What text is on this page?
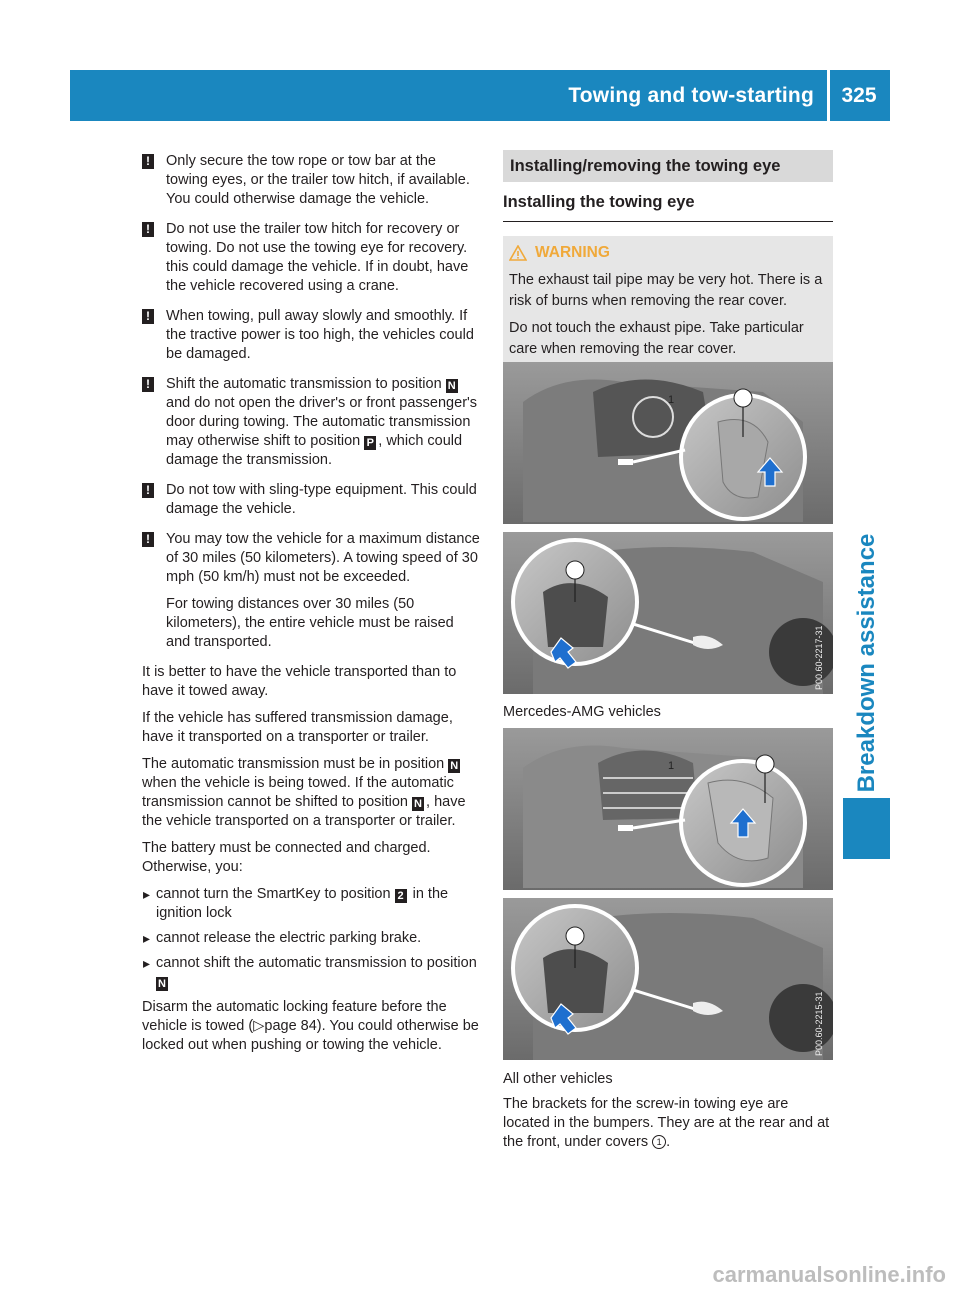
Towing and tow-starting	325
Breakdown assistance

! Only secure the tow rope or tow bar at the towing eyes, or the trailer tow hitch, if available. You could otherwise damage the vehicle.

! Do not use the trailer tow hitch for recovery or towing. Do not use the towing eye for recovery. this could damage the vehicle. If in doubt, have the vehicle recovered using a crane.

! When towing, pull away slowly and smoothly. If the tractive power is too high, the vehicles could be damaged.

! Shift the automatic transmission to position N and do not open the driver's or front passenger's door during towing. The automatic transmission may otherwise shift to position P , which could damage the transmission.

! Do not tow with sling-type equipment. This could damage the vehicle.

! You may tow the vehicle for a maximum distance of 30 miles (50 kilometers). A towing speed of 30 mph (50 km/h) must not be exceeded.
For towing distances over 30 miles (50 kilometers), the entire vehicle must be raised and transported.

It is better to have the vehicle transported than to have it towed away.

If the vehicle has suffered transmission damage, have it transported on a transporter or trailer.

The automatic transmission must be in position N when the vehicle is being towed. If the automatic transmission cannot be shifted to position N , have the vehicle transported on a transporter or trailer.

The battery must be connected and charged. Otherwise, you:

▸ cannot turn the SmartKey to position 2 in the ignition lock
▸ cannot release the electric parking brake.
▸ cannot shift the automatic transmission to position N

Disarm the automatic locking feature before the vehicle is towed (▷page 84). You could otherwise be locked out when pushing or towing the vehicle.

Installing/removing the towing eye
Installing the towing eye
WARNING

The exhaust tail pipe may be very hot. There is a risk of burns when removing the rear cover.

Do not touch the exhaust pipe. Take particular care when removing the rear cover.

1
Mercedes-AMG vehicles
P00.60-2217-31
1
All other vehicles
P00.60-2215-31
The brackets for the screw-in towing eye are located in the bumpers. They are at the rear and at the front, under covers 1 .
carmanualsonline.info
